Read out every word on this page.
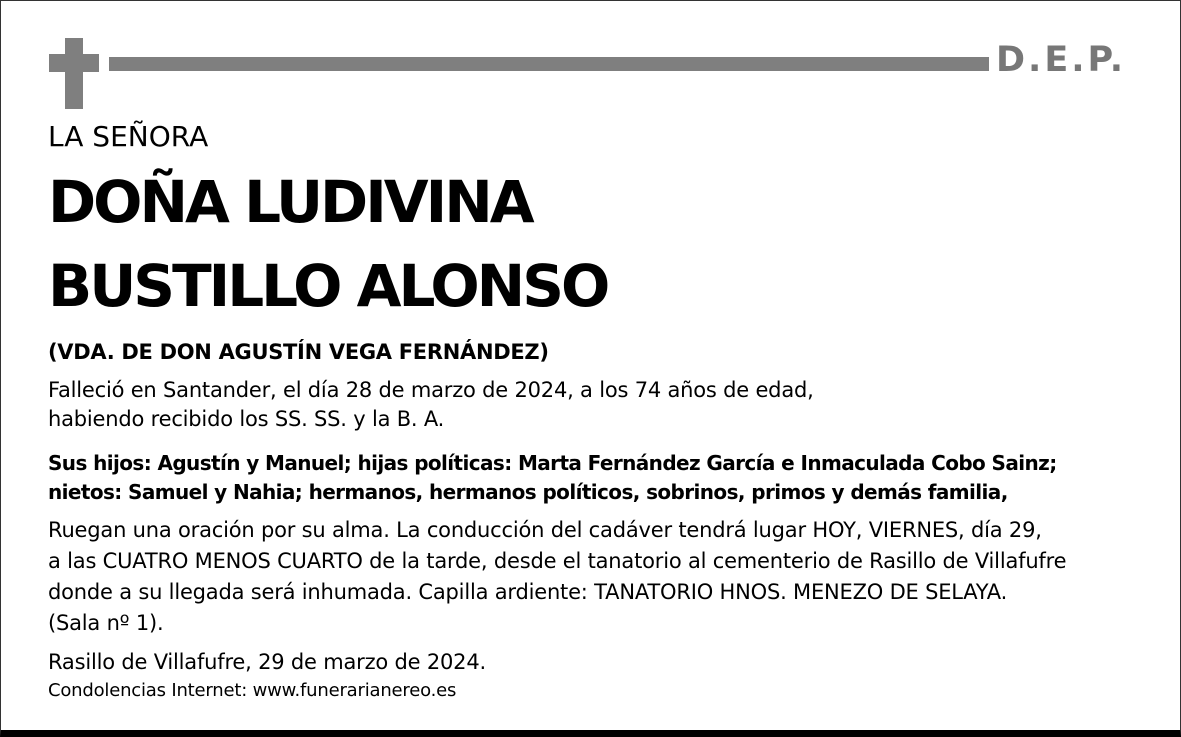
D.E.P.
LA SEÑORA
DOÑA LUDIVINA
BUSTILLO ALONSO
(VDA. DE DON AGUSTÍN VEGA FERNÁNDEZ)
Falleció en Santander, el día 28 de marzo de 2024, a los 74 años de edad,
habiendo recibido los SS. SS. y la B. A.
Sus hijos: Agustín y Manuel; hijas políticas: Marta Fernández García e Inmaculada Cobo Sainz;
nietos: Samuel y Nahia; hermanos, hermanos políticos, sobrinos, primos y demás familia,
Ruegan una oración por su alma. La conducción del cadáver tendrá lugar HOY, VIERNES, día 29,
a las CUATRO MENOS CUARTO de la tarde, desde el tanatorio al cementerio de Rasillo de Villafufre
donde a su llegada será inhumada. Capilla ardiente: TANATORIO HNOS. MENEZO DE SELAYA.
(Sala nº 1).
Rasillo de Villafufre, 29 de marzo de 2024.
Condolencias Internet: www.funerarianereo.es
